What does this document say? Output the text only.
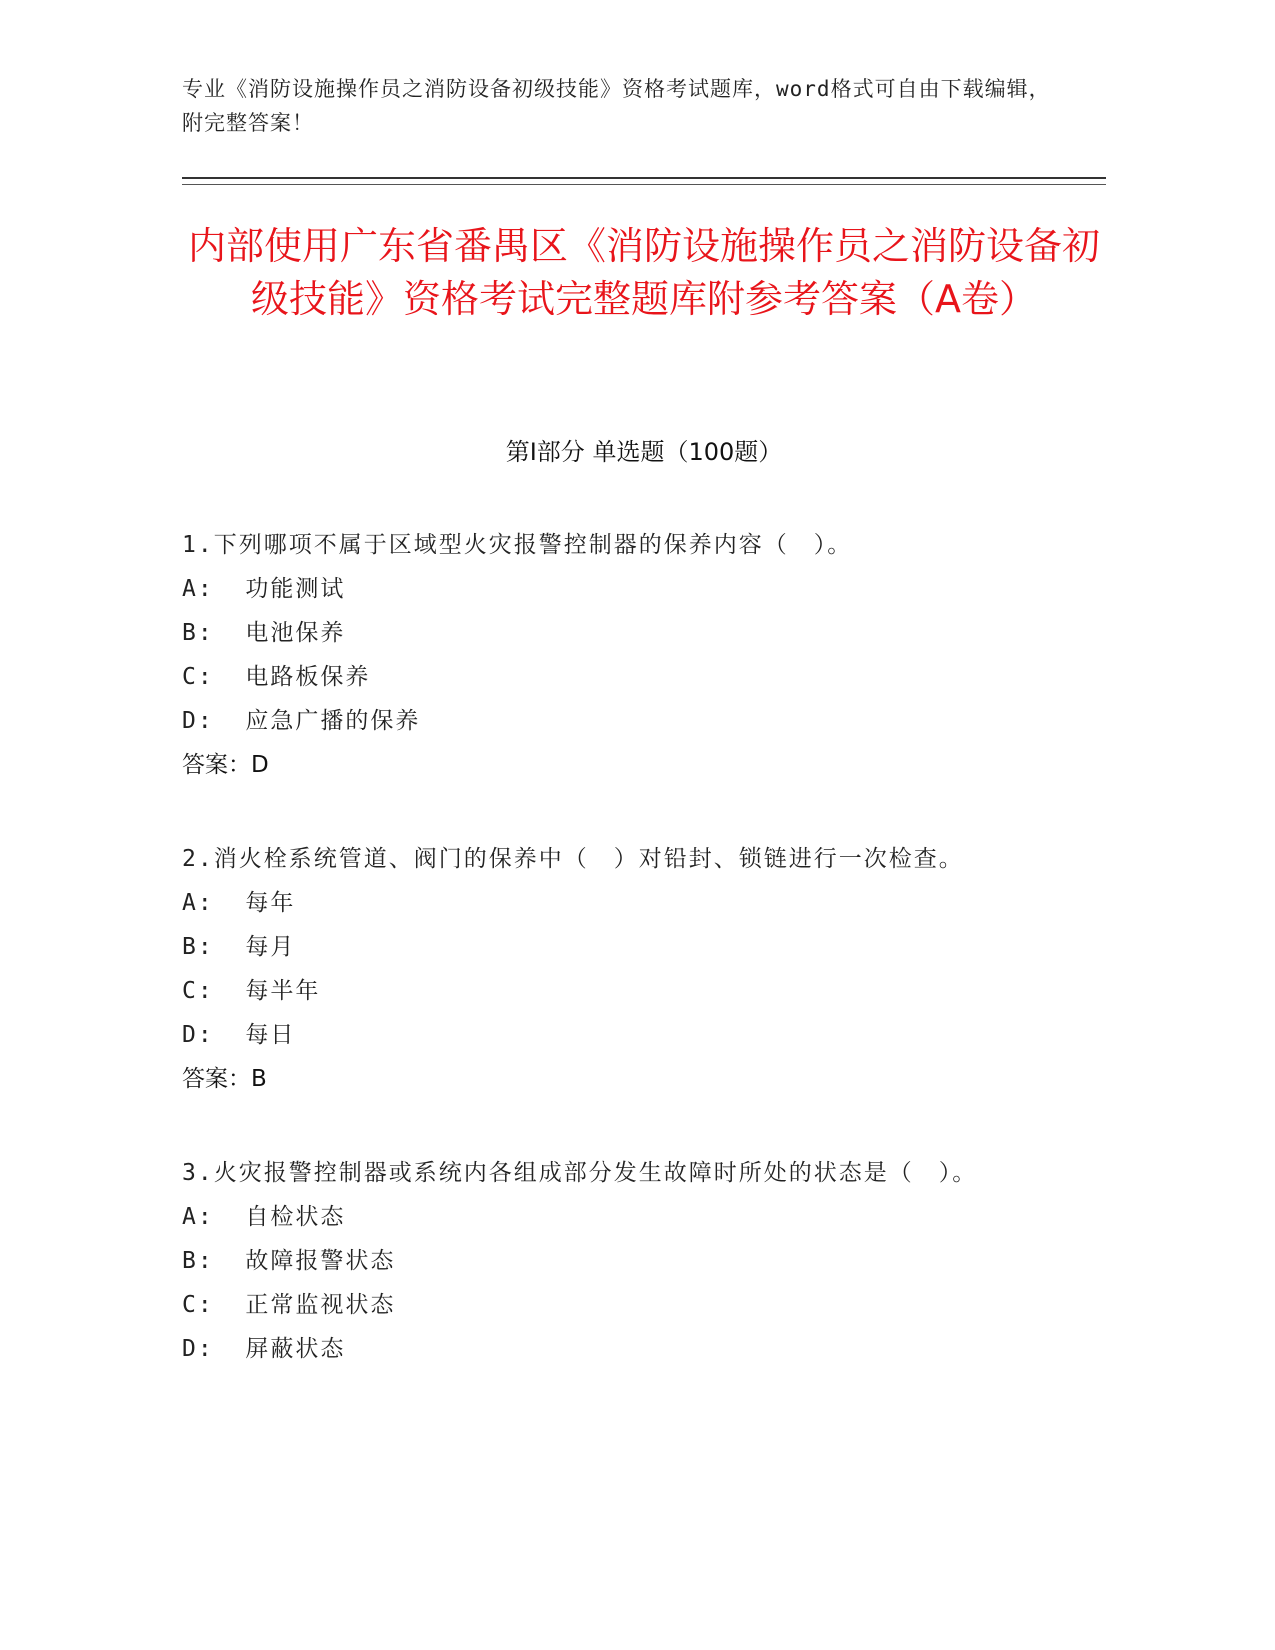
专业《消防设施操作员之消防设备初级技能》资格考试题库，word格式可自由下载编辑，附完整答案！
内部使用广东省番禺区《消防设施操作员之消防设备初级技能》资格考试完整题库附参考答案（A卷）
第I部分 单选题（100题）

1.下列哪项不属于区域型火灾报警控制器的保养内容（　）。

A:  功能测试

B:  电池保养

C:  电路板保养

D:  应急广播的保养

答案：D

2.消火栓系统管道、阀门的保养中（　）对铅封、锁链进行一次检查。

A:  每年

B:  每月

C:  每半年

D:  每日

答案：B

3.火灾报警控制器或系统内各组成部分发生故障时所处的状态是（　）。

A:  自检状态

B:  故障报警状态

C:  正常监视状态

D:  屏蔽状态
